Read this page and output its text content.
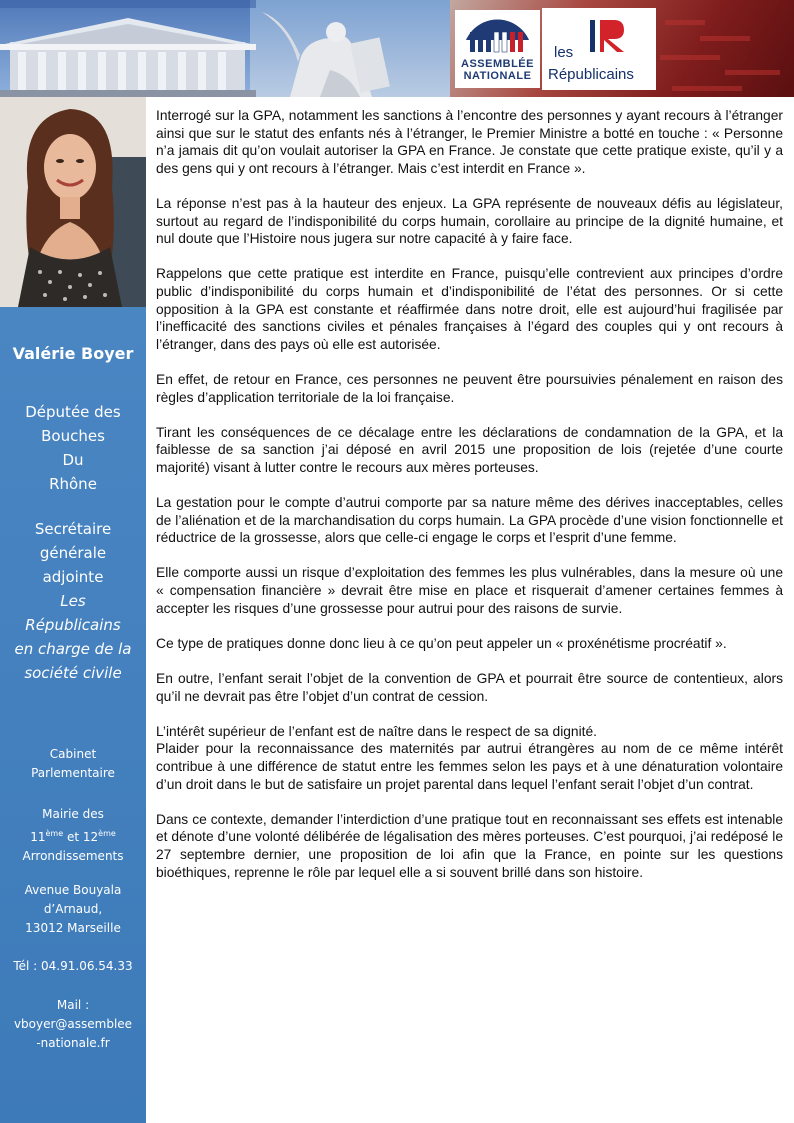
ASSEMBLÉE
NATIONALE
IR
les
Républicains
Valérie Boyer
Députée des
Bouches
Du
Rhône
Secrétaire
générale
adjointe
Les
Républicains
en charge de la
société civile
Cabinet
Parlementaire
Mairie des
11ème et 12ème
Arrondissements
Avenue Bouyala
d’Arnaud,
13012 Marseille
Tél : 04.91.06.54.33
Mail :
vboyer@assemblee
-nationale.fr

Interrogé sur la GPA, notamment les sanctions à l’encontre des personnes y ayant recours à l’étranger ainsi que sur le statut des enfants nés à l’étranger, le Premier Ministre a botté en touche : « Personne n’a jamais dit qu’on voulait autoriser la GPA en France. Je constate que cette pratique existe, qu’il y a des gens qui y ont recours à l’étranger. Mais c’est interdit en France ».

La réponse n’est pas à la hauteur des enjeux. La GPA représente de nouveaux défis au législateur, surtout au regard de l’indisponibilité du corps humain, corollaire au principe de la dignité humaine, et nul doute que l’Histoire nous jugera sur notre capacité à y faire face.

Rappelons que cette pratique est interdite en France, puisqu’elle contrevient aux principes d’ordre public d’indisponibilité du corps humain et d’indisponibilité de l’état des personnes. Or si cette opposition à la GPA est constante et réaffirmée dans notre droit, elle est aujourd’hui fragilisée par l’inefficacité des sanctions civiles et pénales françaises à l’égard des couples qui y ont recours à l’étranger, dans des pays où elle est autorisée.

En effet, de retour en France, ces personnes ne peuvent être poursuivies pénalement en raison des règles d’application territoriale de la loi française.

Tirant les conséquences de ce décalage entre les déclarations de condamnation de la GPA, et la faiblesse de sa sanction j’ai déposé en avril 2015 une proposition de lois (rejetée d’une courte majorité) visant à lutter contre le recours aux mères porteuses.

La gestation pour le compte d’autrui comporte par sa nature même des dérives inacceptables, celles de l’aliénation et de la marchandisation du corps humain. La GPA procède d’une vision fonctionnelle et réductrice de la grossesse, alors que celle-ci engage le corps et l’esprit d’une femme.

Elle comporte aussi un risque d’exploitation des femmes les plus vulnérables, dans la mesure où une « compensation financière » devrait être mise en place et risquerait d’amener certaines femmes à accepter les risques d’une grossesse pour autrui pour des raisons de survie.

Ce type de pratiques donne donc lieu à ce qu’on peut appeler un « proxénétisme procréatif ».

En outre, l’enfant serait l’objet de la convention de GPA et pourrait être source de contentieux, alors qu’il ne devrait pas être l’objet d’un contrat de cession.

L’intérêt supérieur de l’enfant est de naître dans le respect de sa dignité.

Plaider pour la reconnaissance des maternités par autrui étrangères au nom de ce même intérêt contribue à une différence de statut entre les femmes selon les pays et à une dénaturation volontaire d’un droit dans le but de satisfaire un projet parental dans lequel l’enfant serait l’objet d’un contrat.

Dans ce contexte, demander l’interdiction d’une pratique tout en reconnaissant ses effets est intenable et dénote d’une volonté délibérée de légalisation des mères porteuses. C’est pourquoi, j’ai redéposé le 27 septembre dernier, une proposition de loi afin que la France, en pointe sur les questions bioéthiques, reprenne le rôle par lequel elle a si souvent brillé dans son histoire.
